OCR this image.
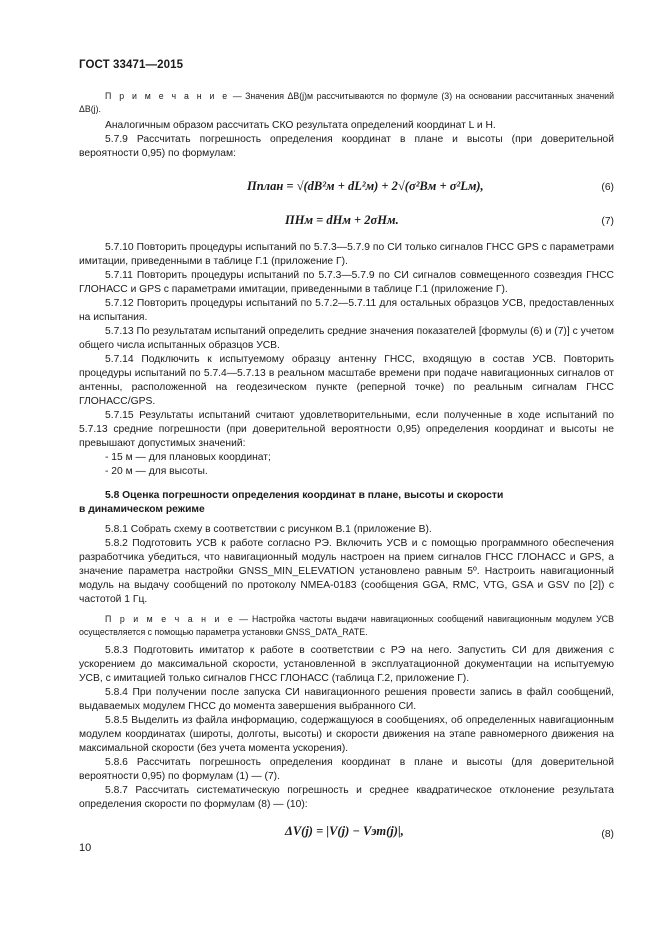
ГОСТ 33471—2015

П р и м е ч а н и е — Значения ΔB(j)м рассчитываются по формуле (3) на основании рассчитанных значений ΔB(j).

Аналогичным образом рассчитать СКО результата определений координат L и H.

5.7.9 Рассчитать погрешность определения координат в плане и высоты (при доверительной вероятности 0,95) по формулам:

Пплан = √(dB²м + dL²м) + 2√(σ²Bм + σ²Lм),	(6)
ПHм = dHм + 2σHм.	(7)

5.7.10 Повторить процедуры испытаний по 5.7.3—5.7.9 по СИ только сигналов ГНСС GPS с параметрами имитации, приведенными в таблице Г.1 (приложение Г).

5.7.11 Повторить процедуры испытаний по 5.7.3—5.7.9 по СИ сигналов совмещенного созвездия ГНСС ГЛОНАСС и GPS с параметрами имитации, приведенными в таблице Г.1 (приложение Г).

5.7.12 Повторить процедуры испытаний по 5.7.2—5.7.11 для остальных образцов УСВ, предоставленных на испытания.

5.7.13 По результатам испытаний определить средние значения показателей [формулы (6) и (7)] с учетом общего числа испытанных образцов УСВ.

5.7.14 Подключить к испытуемому образцу антенну ГНСС, входящую в состав УСВ. Повторить процедуры испытаний по 5.7.4—5.7.13 в реальном масштабе времени при подаче навигационных сигналов от антенны, расположенной на геодезическом пункте (реперной точке) по реальным сигналам ГНСС ГЛОНАСС/GPS.

5.7.15 Результаты испытаний считают удовлетворительными, если полученные в ходе испытаний по 5.7.13 средние погрешности (при доверительной вероятности 0,95) определения координат и высоты не превышают допустимых значений:

- 15 м — для плановых координат;

- 20 м — для высоты.

5.8 Оценка погрешности определения координат в плане, высоты и скорости
в динамическом режиме

5.8.1 Собрать схему в соответствии с рисунком В.1 (приложение В).

5.8.2 Подготовить УСВ к работе согласно РЭ. Включить УСВ и с помощью программного обеспечения разработчика убедиться, что навигационный модуль настроен на прием сигналов ГНСС ГЛОНАСС и GPS, а значение параметра настройки GNSS_MIN_ELEVATION установлено равным 5º. Настроить навигационный модуль на выдачу сообщений по протоколу NMEA-0183 (сообщения GGA, RMC, VTG, GSA и GSV по [2]) с частотой 1 Гц.

П р и м е ч а н и е — Настройка частоты выдачи навигационных сообщений навигационным модулем УСВ осуществляется с помощью параметра установки GNSS_DATA_RATE.

5.8.3 Подготовить имитатор к работе в соответствии с РЭ на него. Запустить СИ для движения с ускорением до максимальной скорости, установленной в эксплуатационной документации на испытуемую УСВ, с имитацией только сигналов ГНСС ГЛОНАСС (таблица Г.2, приложение Г).

5.8.4 При получении после запуска СИ навигационного решения провести запись в файл сообщений, выдаваемых модулем ГНСС до момента завершения выбранного СИ.

5.8.5 Выделить из файла информацию, содержащуюся в сообщениях, об определенных навигационным модулем координатах (широты, долготы, высоты) и скорости движения на этапе равномерного движения на максимальной скорости (без учета момента ускорения).

5.8.6 Рассчитать погрешность определения координат в плане и высоты (для доверительной вероятности 0,95) по формулам (1) — (7).

5.8.7 Рассчитать систематическую погрешность и среднее квадратическое отклонение результата определения скорости по формулам (8) — (10):

ΔV(j) = |V(j) − Vэт(j)|,	(8)
10
